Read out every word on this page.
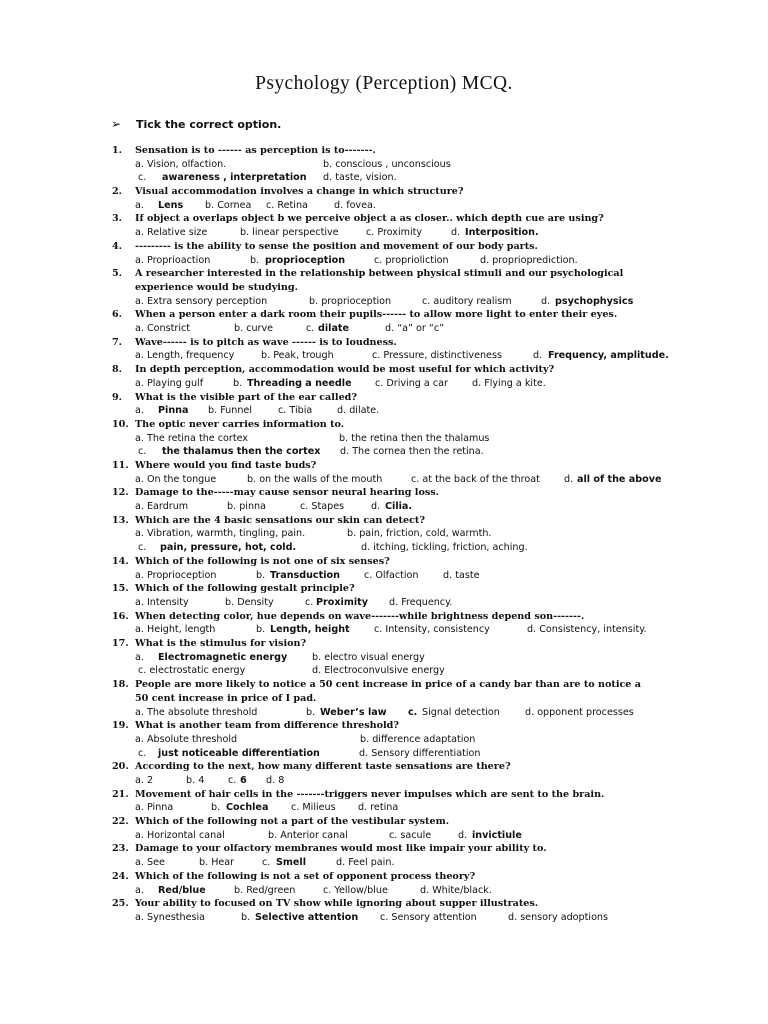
Psychology (Perception) MCQ.
➢ Tick the correct option.
1. Sensation is to ------ as perception is to-------.
a. Vision, olfaction.	b. conscious , unconscious
c. awareness , interpretation d. taste, vision.
2. Visual accommodation involves a change in which structure?
a. Lens b. Cornea c. Retina	d. fovea.
3. If object a overlaps object b we perceive object a as closer.. which depth cue are using?
a. Relative size	b. linear perspective	c. Proximity	d. Interposition.
4. --------- is the ability to sense the position and movement of our body parts.
a. Proprioaction	b. proprioception	c. proprioliction	d. proprioprediction.
5. A researcher interested in the relationship between physical stimuli and our psychological
experience would be studying.
a. Extra sensory perception	b. proprioception	c. auditory realism	d. psychophysics
6. When a person enter a dark room their pupils------ to allow more light to enter their eyes.
a. Constrict	b. curve	c. dilate	d. “a” or “c”
7. Wave------ is to pitch as wave ------ is to loudness.
a. Length, frequency	b. Peak, trough	c. Pressure, distinctiveness	d. Frequency, amplitude.
8. In depth perception, accommodation would be most useful for which activity?
a. Playing gulf	b. Threading a needle c. Driving a car	d. Flying a kite.
9. What is the visible part of the ear called?
a. Pinna b. Funnel	c. Tibia	d. dilate.
10. The optic never carries information to.
a. The retina the cortex	b. the retina then the thalamus
c. the thalamus then the cortex d. The cornea then the retina.
11. Where would you find taste buds?
a. On the tongue	b. on the walls of the mouth	c. at the back of the throat	d. all of the above
12. Damage to the-----may cause sensor neural hearing loss.
a. Eardrum	b. pinna	c. Stapes	d. Cilia.
13. Which are the 4 basic sensations our skin can detect?
a. Vibration, warmth, tingling, pain.	b. pain, friction, cold, warmth.
c. pain, pressure, hot, cold.	d. itching, tickling, friction, aching.
14. Which of the following is not one of six senses?
a. Proprioception	b. Transduction	c. Olfaction	d. taste
15. Which of the following gestalt principle?
a. Intensity	b. Density	c. Proximity d. Frequency.
16. When detecting color, hue depends on wave-------while brightness depend son-------.
a. Height, length	b. Length, height	c. Intensity, consistency	d. Consistency, intensity.
17. What is the stimulus for vision?
a. Electromagnetic energy	b. electro visual energy
c. electrostatic energy	d. Electroconvulsive energy
18. People are more likely to notice a 50 cent increase in price of a candy bar than are to notice a
50 cent increase in price of I pad.
a. The absolute threshold	b. Weber’s law c. Signal detection	d. opponent processes
19. What is another team from difference threshold?
a. Absolute threshold	b. difference adaptation
c. just noticeable differentiation	d. Sensory differentiation
20. According to the next, how many different taste sensations are there?
a. 2	b. 4 c. 6 d. 8
21. Movement of hair cells in the -------triggers never impulses which are sent to the brain.
a. Pinna	b. Cochlea c. Milieus d. retina
22. Which of the following not a part of the vestibular system.
a. Horizontal canal	b. Anterior canal	c. sacule	d. invictiule
23. Damage to your olfactory membranes would most like impair your ability to.
a. See	b. Hear	c. Smell	d. Feel pain.
24. Which of the following is not a set of opponent process theory?
a. Red/blue	b. Red/green	c. Yellow/blue	d. White/black.
25. Your ability to focused on TV show while ignoring about supper illustrates.
a. Synesthesia	b. Selective attention c. Sensory attention	d. sensory adoptions
